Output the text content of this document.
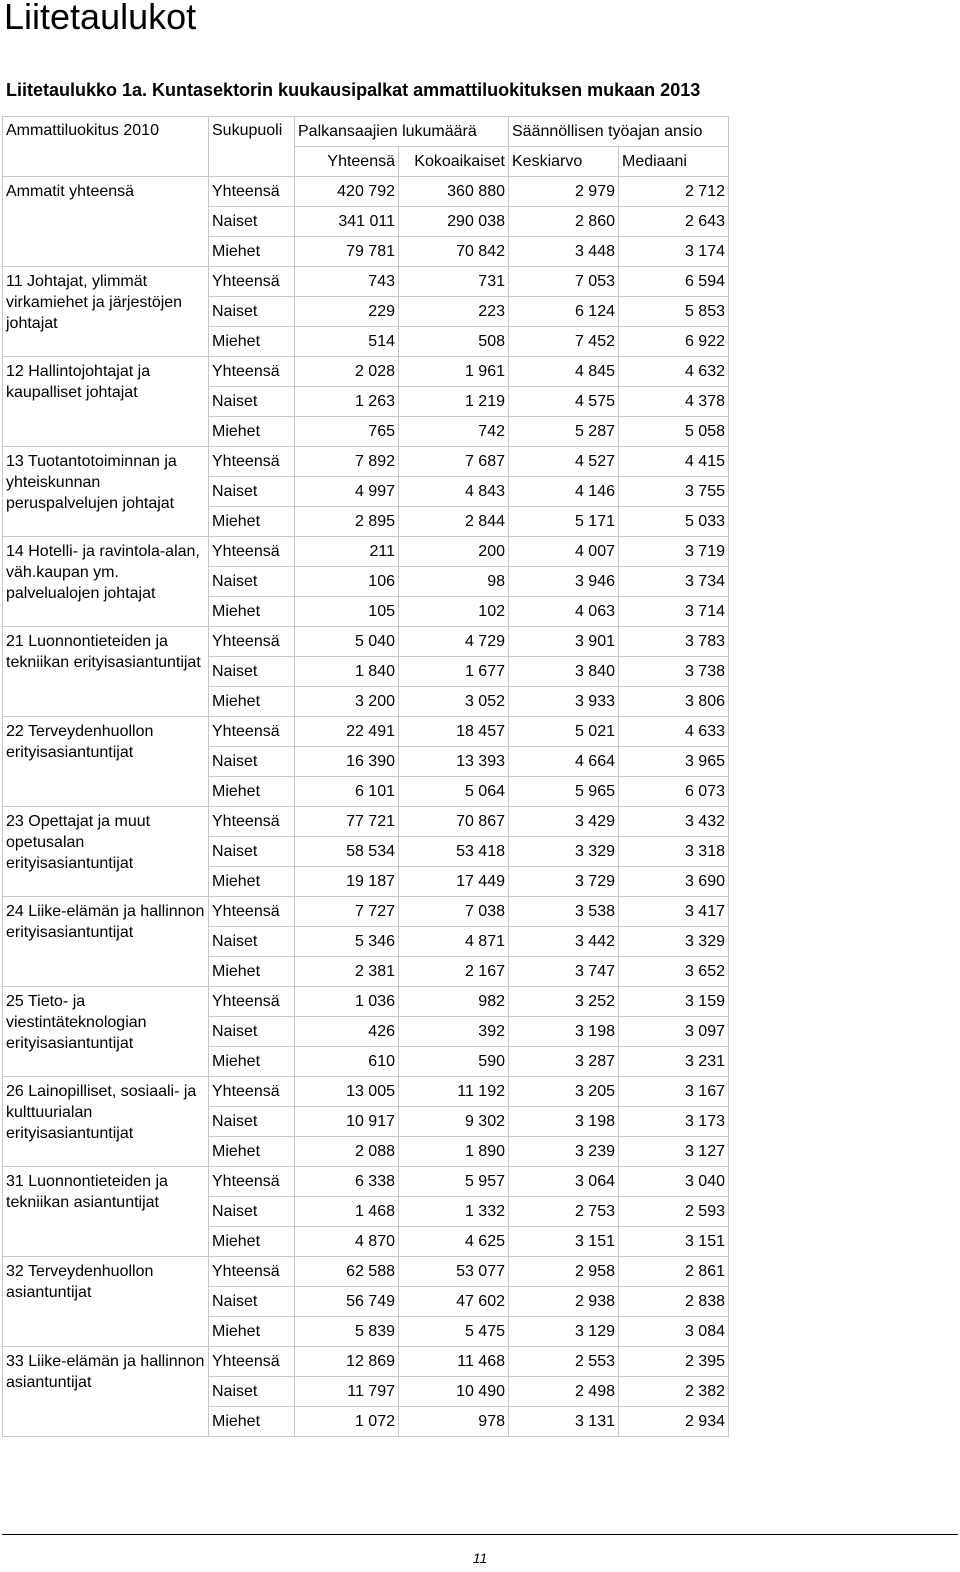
Liitetaulukot
Liitetaulukko 1a. Kuntasektorin kuukausipalkat ammattiluokituksen mukaan 2013
Ammattiluokitus 2010	Sukupuoli	Palkansaajien lukumäärä		Säännöllisen työajan ansio	
		Yhteensä	Kokoaikaiset	Keskiarvo	Mediaani
Ammatit yhteensä	Yhteensä	420 792	360 880	2 979	2 712
	Naiset	341 011	290 038	2 860	2 643
	Miehet	79 781	70 842	3 448	3 174
11 Johtajat, ylimmät virkamiehet ja järjestöjen johtajat	Yhteensä	743	731	7 053	6 594
	Naiset	229	223	6 124	5 853
	Miehet	514	508	7 452	6 922
12 Hallintojohtajat ja kaupalliset johtajat	Yhteensä	2 028	1 961	4 845	4 632
	Naiset	1 263	1 219	4 575	4 378
	Miehet	765	742	5 287	5 058
13 Tuotantotoiminnan ja yhteiskunnan peruspalvelujen johtajat	Yhteensä	7 892	7 687	4 527	4 415
	Naiset	4 997	4 843	4 146	3 755
	Miehet	2 895	2 844	5 171	5 033
14 Hotelli- ja ravintola-alan, väh.kaupan ym. palvelualojen johtajat	Yhteensä	211	200	4 007	3 719
	Naiset	106	98	3 946	3 734
	Miehet	105	102	4 063	3 714
21 Luonnontieteiden ja tekniikan erityisasiantuntijat	Yhteensä	5 040	4 729	3 901	3 783
	Naiset	1 840	1 677	3 840	3 738
	Miehet	3 200	3 052	3 933	3 806
22 Terveydenhuollon erityisasiantuntijat	Yhteensä	22 491	18 457	5 021	4 633
	Naiset	16 390	13 393	4 664	3 965
	Miehet	6 101	5 064	5 965	6 073
23 Opettajat ja muut opetusalan erityisasiantuntijat	Yhteensä	77 721	70 867	3 429	3 432
	Naiset	58 534	53 418	3 329	3 318
	Miehet	19 187	17 449	3 729	3 690
24 Liike-elämän ja hallinnon erityisasiantuntijat	Yhteensä	7 727	7 038	3 538	3 417
	Naiset	5 346	4 871	3 442	3 329
	Miehet	2 381	2 167	3 747	3 652
25 Tieto- ja viestintäteknologian erityisasiantuntijat	Yhteensä	1 036	982	3 252	3 159
	Naiset	426	392	3 198	3 097
	Miehet	610	590	3 287	3 231
26 Lainopilliset, sosiaali- ja kulttuurialan erityisasiantuntijat	Yhteensä	13 005	11 192	3 205	3 167
	Naiset	10 917	9 302	3 198	3 173
	Miehet	2 088	1 890	3 239	3 127
31 Luonnontieteiden ja tekniikan asiantuntijat	Yhteensä	6 338	5 957	3 064	3 040
	Naiset	1 468	1 332	2 753	2 593
	Miehet	4 870	4 625	3 151	3 151
32 Terveydenhuollon asiantuntijat	Yhteensä	62 588	53 077	2 958	2 861
	Naiset	56 749	47 602	2 938	2 838
	Miehet	5 839	5 475	3 129	3 084
33 Liike-elämän ja hallinnon asiantuntijat	Yhteensä	12 869	11 468	2 553	2 395
	Naiset	11 797	10 490	2 498	2 382
	Miehet	1 072	978	3 131	2 934
11
